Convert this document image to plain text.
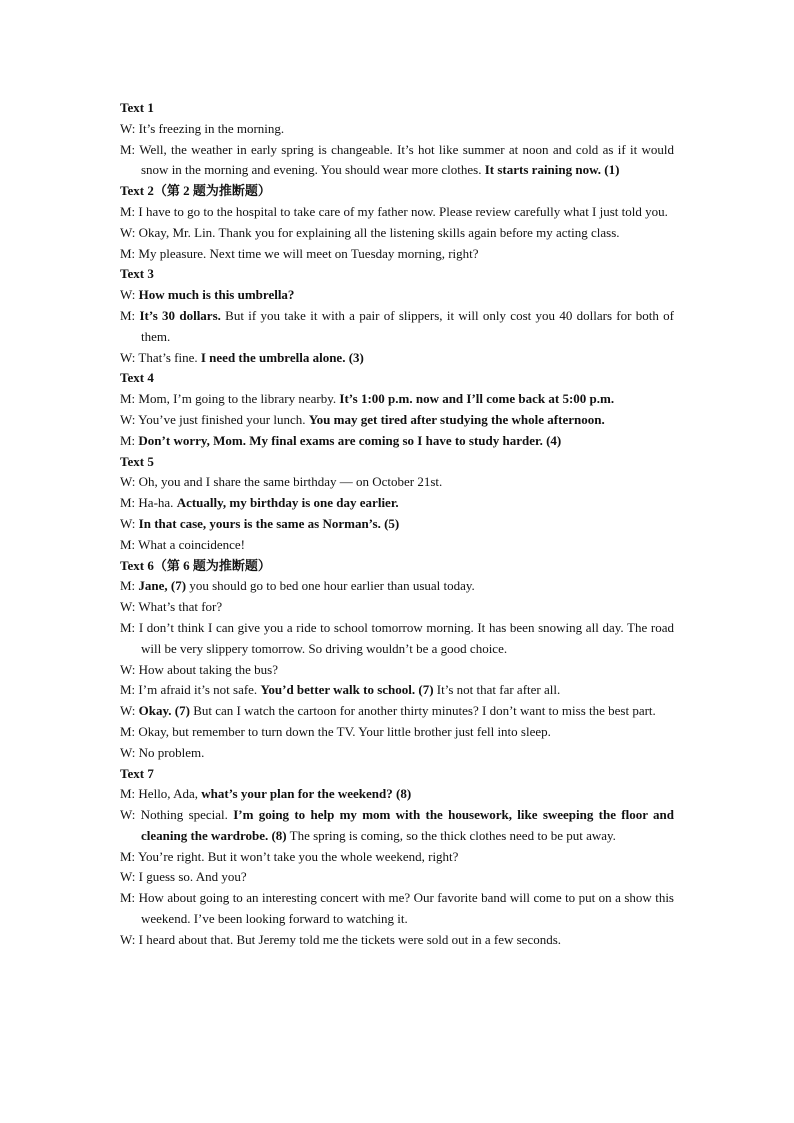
Text 1

W: It’s freezing in the morning.

M: Well, the weather in early spring is changeable. It’s hot like summer at noon and cold as if it would snow in the morning and evening. You should wear more clothes. It starts raining now. (1)

Text 2（第 2 题为推断题）

M: I have to go to the hospital to take care of my father now. Please review carefully what I just told you.

W: Okay, Mr. Lin. Thank you for explaining all the listening skills again before my acting class.

M: My pleasure. Next time we will meet on Tuesday morning, right?

Text 3

W: How much is this umbrella?

M: It’s 30 dollars. But if you take it with a pair of slippers, it will only cost you 40 dollars for both of them.

W: That’s fine. I need the umbrella alone. (3)

Text 4

M: Mom, I’m going to the library nearby. It’s 1:00 p.m. now and I’ll come back at 5:00 p.m.

W: You’ve just finished your lunch. You may get tired after studying the whole afternoon.

M: Don’t worry, Mom. My final exams are coming so I have to study harder. (4)

Text 5

W: Oh, you and I share the same birthday — on October 21st.

M: Ha-ha. Actually, my birthday is one day earlier.

W: In that case, yours is the same as Norman’s. (5)

M: What a coincidence!

Text 6（第 6 题为推断题）

M: Jane, (7) you should go to bed one hour earlier than usual today.

W: What’s that for?

M: I don’t think I can give you a ride to school tomorrow morning. It has been snowing all day. The road will be very slippery tomorrow. So driving wouldn’t be a good choice.

W: How about taking the bus?

M: I’m afraid it’s not safe. You’d better walk to school. (7) It’s not that far after all.

W: Okay. (7) But can I watch the cartoon for another thirty minutes? I don’t want to miss the best part.

M: Okay, but remember to turn down the TV. Your little brother just fell into sleep.

W: No problem.

Text 7

M: Hello, Ada, what’s your plan for the weekend? (8)

W: Nothing special. I’m going to help my mom with the housework, like sweeping the floor and cleaning the wardrobe. (8) The spring is coming, so the thick clothes need to be put away.

M: You’re right. But it won’t take you the whole weekend, right?

W: I guess so. And you?

M: How about going to an interesting concert with me? Our favorite band will come to put on a show this weekend. I’ve been looking forward to watching it.

W: I heard about that. But Jeremy told me the tickets were sold out in a few seconds.
